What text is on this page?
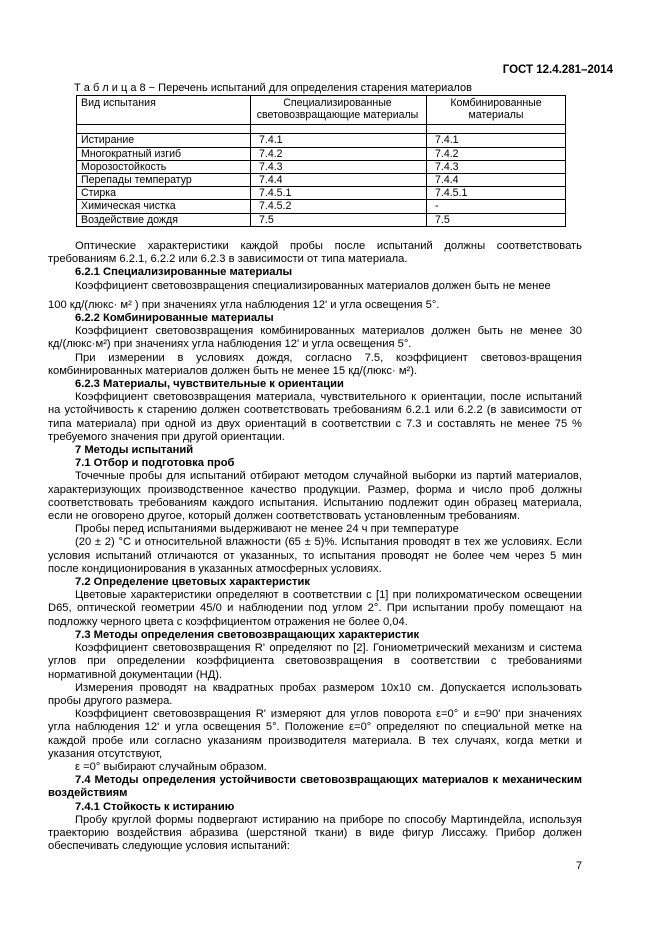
ГОСТ 12.4.281–2014
Т а б л и ц а 8 − Перечень испытаний для определения старения материалов
Вид испытания	Специализированные световозвращающие материалы	Комбинированные материалы

Истирание	7.4.1	7.4.1
Многократный изгиб	7.4.2	7.4.2
Морозостойкость	7.4.3	7.4.3
Перепады температур	7.4.4	7.4.4
Стирка	7.4.5.1	7.4.5.1
Химическая чистка	7.4.5.2	-
Воздействие дождя	7.5	7.5

Оптические характеристики каждой пробы после испытаний должны соответствовать требованиям 6.2.1, 6.2.2 или 6.2.3 в зависимости от типа материала.

6.2.1 Специализированные материалы

Коэффициент световозвращения специализированных материалов должен быть не менее

100 кд/(люкс· м² ) при значениях угла наблюдения 12' и угла освещения 5°.

6.2.2 Комбинированные материалы

Коэффициент световозвращения комбинированных материалов должен быть не менее 30 кд/(люкс·м²) при значениях угла наблюдения 12' и угла освещения 5°.

При измерении в условиях дождя, согласно 7.5, коэффициент световоз-вращения комбинированных материалов должен быть не менее 15 кд/(люкс· м²).

6.2.3 Материалы, чувствительные к ориентации

Коэффициент световозвращения материала, чувствительного к ориентации, после испытаний на устойчивость к старению должен соответствовать требованиям 6.2.1 или 6.2.2 (в зависимости от типа материала) при одной из двух ориентаций в соответствии с 7.3 и составлять не менее 75 % требуемого значения при другой ориентации.

7 Методы испытаний

7.1 Отбор и подготовка проб

Точечные пробы для испытаний отбирают методом случайной выборки из партий материалов, характеризующих производственное качество продукции. Размер, форма и число проб должны соответствовать требованиям каждого испытания. Испытанию подлежит один образец материала, если не оговорено другое, который должен соответствовать установленным требованиям.

Пробы перед испытаниями выдерживают не менее 24 ч при температуре

(20 ± 2) °С и относительной влажности (65 ± 5)%. Испытания проводят в тех же условиях. Если условия испытаний отличаются от указанных, то испытания проводят не более чем через 5 мин после кондиционирования в указанных атмосферных условиях.

7.2 Определение цветовых характеристик

Цветовые характеристики определяют в соответствии с [1] при полихроматическом освещении D65, оптической геометрии 45/0 и наблюдении под углом 2°. При испытании пробу помещают на подложку черного цвета с коэффициентом отражения не более 0,04.

7.3 Методы определения световозвращающих характеристик

Коэффициент световозвращения R' определяют по [2]. Гониометрический механизм и система углов при определении коэффициента световозвращения в соответствии с требованиями нормативной документации (НД).

Измерения проводят на квадратных пробах размером 10х10 см. Допускается использовать пробы другого размера.

Коэффициент световозвращения R' измеряют для углов поворота ε=0° и ε=90' при значениях угла наблюдения 12' и угла освещения 5°. Положение ε=0° определяют по специальной метке на каждой пробе или согласно указаниям производителя материала. В тех случаях, когда метки и указания отсутствуют,

ε =0° выбирают случайным образом.

7.4 Методы определения устойчивости световозвращающих материалов к механическим воздействиям

7.4.1 Стойкость к истиранию

Пробу круглой формы подвергают истиранию на приборе по способу Мартиндейла, используя траекторию воздействия абразива (шерстяной ткани) в виде фигур Лиссажу. Прибор должен обеспечивать следующие условия испытаний:

7
